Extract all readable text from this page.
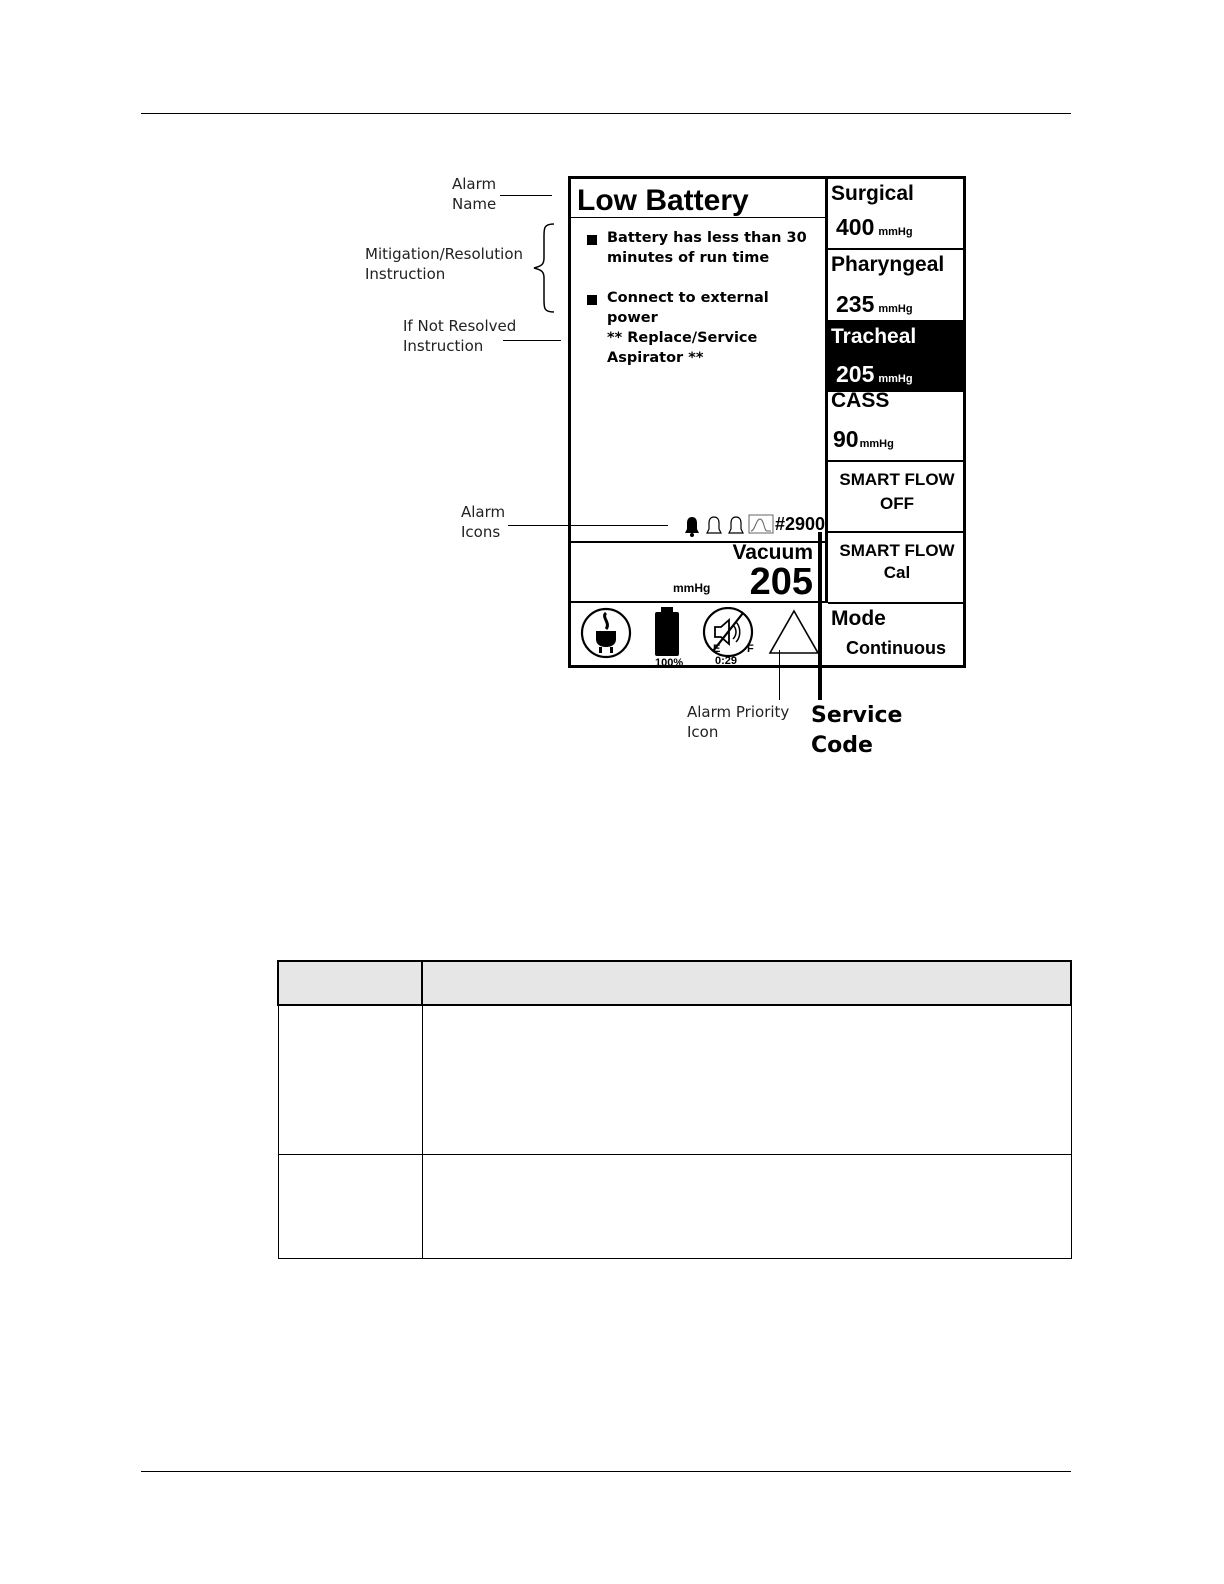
Alarm
Name
Mitigation/Resolution
Instruction
If Not Resolved
Instruction
Alarm
Icons
Alarm Priority
Icon
Service
Code
Low Battery
Battery has less than 30 minutes of run time
Connect to external power
** Replace/Service Aspirator **
#2900
Vacuum
mmHg 205
100%
E F
0:29
Surgical
400 mmHg
Pharyngeal
235 mmHg
Tracheal
205 mmHg
CASS
90mmHg
SMART FLOW
OFF
SMART FLOW
Cal
Mode
Continuous
